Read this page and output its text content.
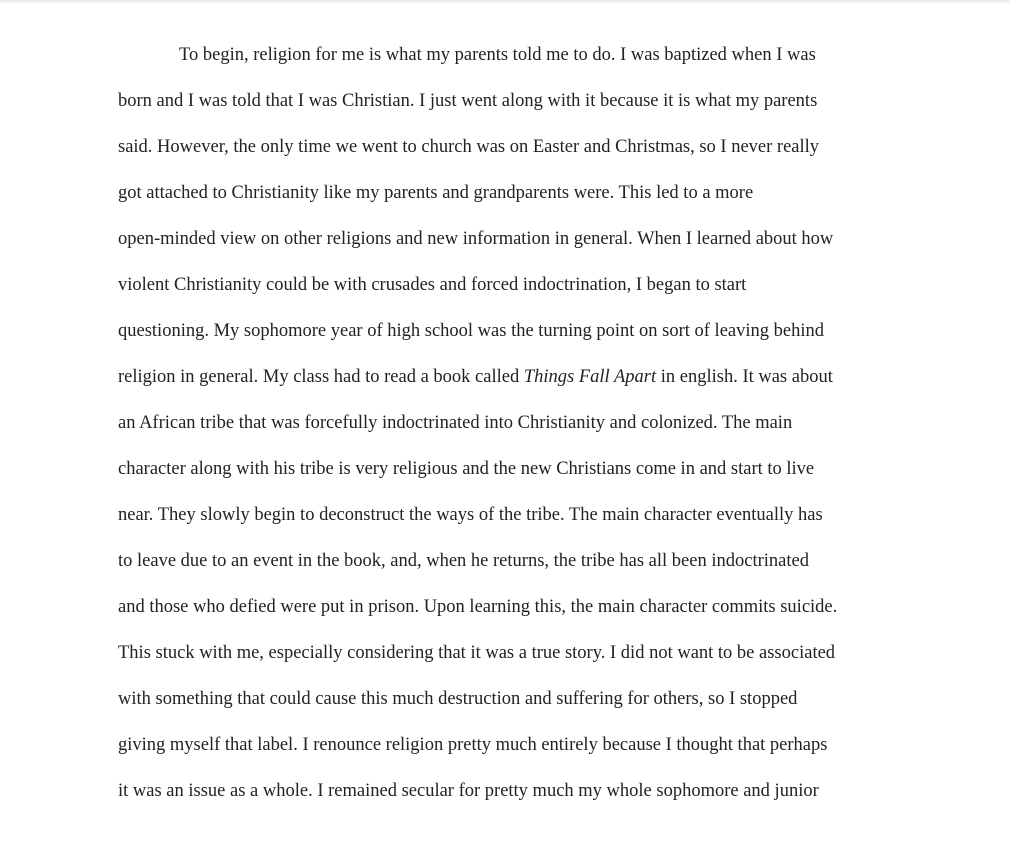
To begin, religion for me is what my parents told me to do. I was baptized when I was
born and I was told that I was Christian. I just went along with it because it is what my parents
said. However, the only time we went to church was on Easter and Christmas, so I never really
got attached to Christianity like my parents and grandparents were. This led to a more
open-minded view on other religions and new information in general. When I learned about how
violent Christianity could be with crusades and forced indoctrination, I began to start
questioning. My sophomore year of high school was the turning point on sort of leaving behind
religion in general. My class had to read a book called Things Fall Apart in english. It was about
an African tribe that was forcefully indoctrinated into Christianity and colonized. The main
character along with his tribe is very religious and the new Christians come in and start to live
near. They slowly begin to deconstruct the ways of the tribe. The main character eventually has
to leave due to an event in the book, and, when he returns, the tribe has all been indoctrinated
and those who defied were put in prison. Upon learning this, the main character commits suicide.
This stuck with me, especially considering that it was a true story. I did not want to be associated
with something that could cause this much destruction and suffering for others, so I stopped
giving myself that label. I renounce religion pretty much entirely because I thought that perhaps
it was an issue as a whole. I remained secular for pretty much my whole sophomore and junior
